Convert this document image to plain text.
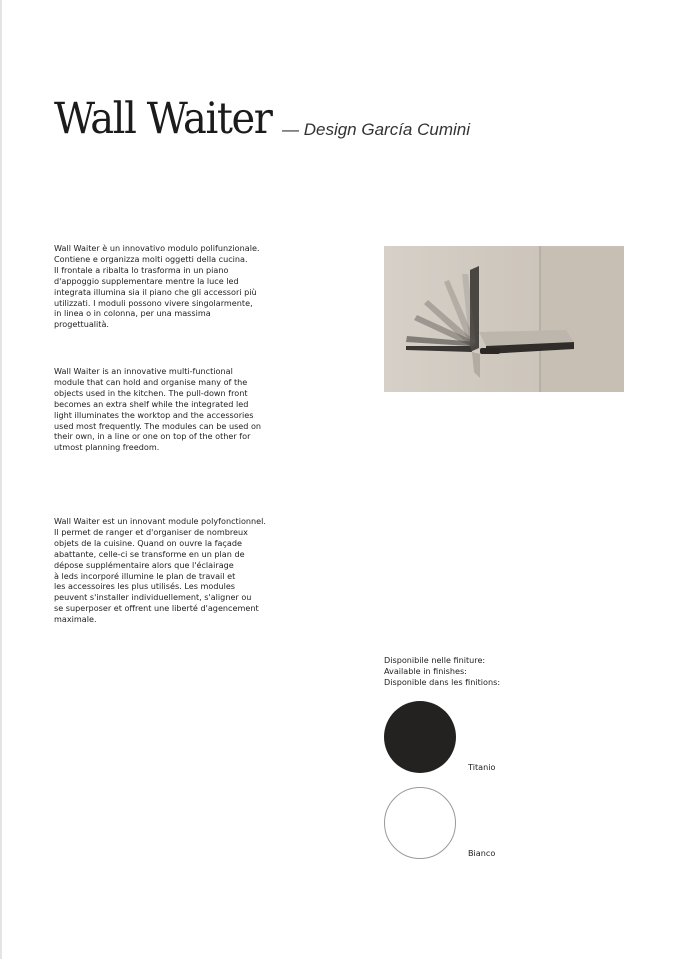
Wall Waiter — Design García Cumini

Wall Waiter è un innovativo modulo polifunzionale.
Contiene e organizza molti oggetti della cucina.
Il frontale a ribalta lo trasforma in un piano
d'appoggio supplementare mentre la luce led
integrata illumina sia il piano che gli accessori più
utilizzati. I moduli possono vivere singolarmente,
in linea o in colonna, per una massima
progettualità.

Wall Waiter is an innovative multi-functional
module that can hold and organise many of the
objects used in the kitchen. The pull-down front
becomes an extra shelf while the integrated led
light illuminates the worktop and the accessories
used most frequently. The modules can be used on
their own, in a line or one on top of the other for
utmost planning freedom.

Wall Waiter est un innovant module polyfonctionnel.
Il permet de ranger et d'organiser de nombreux
objets de la cuisine. Quand on ouvre la façade
abattante, celle-ci se transforme en un plan de
dépose supplémentaire alors que l'éclairage
à leds incorporé illumine le plan de travail et
les accessoires les plus utilisés. Les modules
peuvent s'installer individuellement, s'aligner ou
se superposer et offrent une liberté d'agencement
maximale.

Disponibile nelle finiture:
Available in finishes:
Disponible dans les finitions:

Titanio
Bianco
